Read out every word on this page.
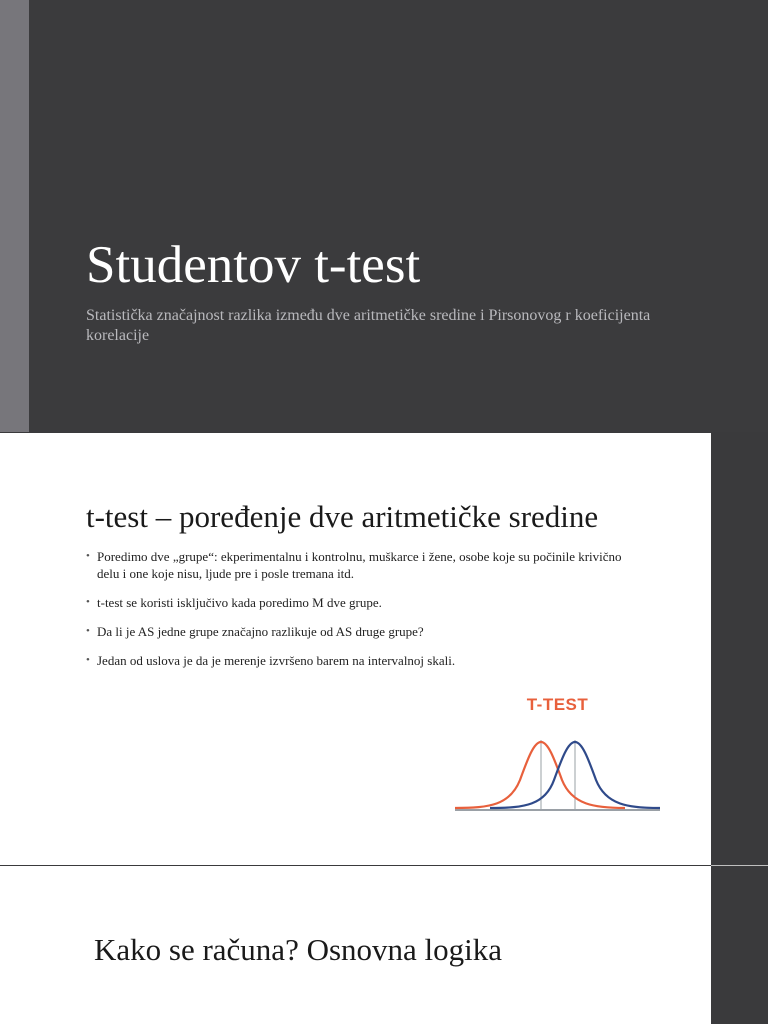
Studentov t-test
Statistička značajnost razlika između dve aritmetičke sredine i Pirsonovog r koeficijenta korelacije
t-test – poređenje dve aritmetičke sredine
• Poredimo dve „grupe“: ekperimentalnu i kontrolnu, muškarce i žene, osobe koje su počinile krivično delu i one koje nisu, ljude pre i posle tremana itd.
• t-test se koristi isključivo kada poredimo M dve grupe.
• Da li je AS jedne grupe značajno razlikuje od AS druge grupe?
• Jedan od uslova je da je merenje izvršeno barem na intervalnoj skali.
T-TEST
Kako se računa? Osnovna logika
